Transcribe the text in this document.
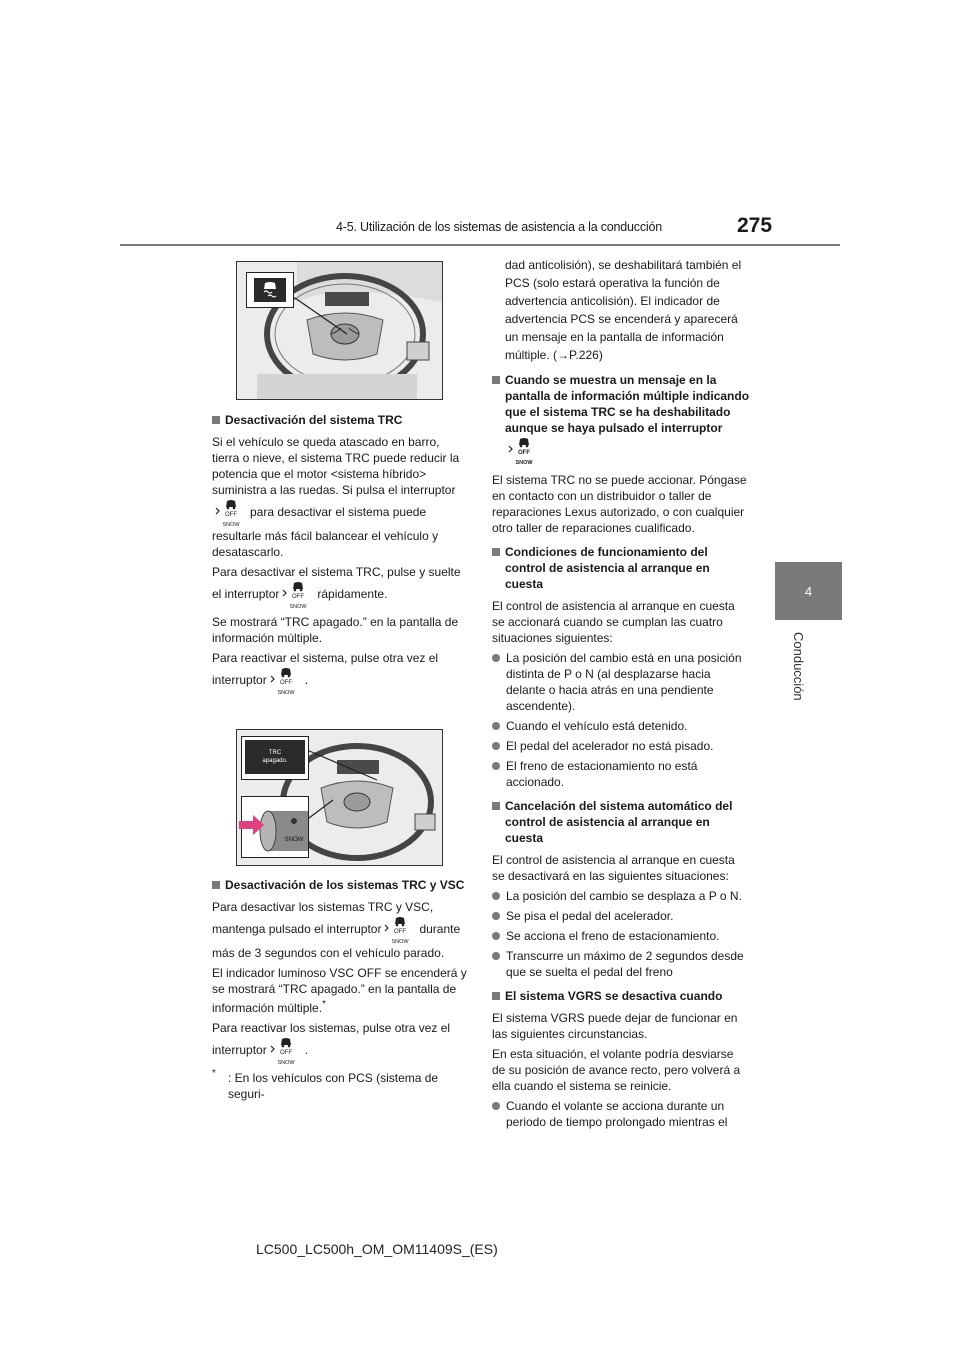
4-5. Utilización de los sistemas de asistencia a la conducción	275
4
Conducción
Desactivación del sistema TRC

Si el vehículo se queda atascado en barro, tierra o nieve, el sistema TRC puede reducir la potencia que el motor <sistema híbrido> suministra a las ruedas. Si pulsa el interruptorpara desactivar el sistema puede resultarle más fácil balancear el vehículo y desatascarlo.

Para desactivar el sistema TRC, pulse y suelte el interruptor	rápidamente.

Se mostrará “TRC apagado.” en la pantalla de información múltiple.

Para reactivar el sistema, pulse otra vez el interruptor	.

TRC
apagado.
SNOW
Desactivación de los sistemas TRC y VSC

Para desactivar los sistemas TRC y VSC, mantenga pulsado el interruptor	durante más de 3 segundos con el vehículo parado.

El indicador luminoso VSC OFF se encenderá y se mostrará “TRC apagado.” en la pantalla de información múltiple.*

Para reactivar los sistemas, pulse otra vez el interruptor	.

* : En los vehículos con PCS (sistema de seguri-

dad anticolisión), se deshabilitará también el PCS (solo estará operativa la función de advertencia anticolisión). El indicador de advertencia PCS se encenderá y aparecerá un mensaje en la pantalla de información múltiple. (→P.226)

Cuando se muestra un mensaje en la pantalla de información múltiple indicando que el sistema TRC se ha deshabilitado aunque se haya pulsado el interruptor

El sistema TRC no se puede accionar. Póngase en contacto con un distribuidor o taller de reparaciones Lexus autorizado, o con cualquier otro taller de reparaciones cualificado.

Condiciones de funcionamiento del control de asistencia al arranque en cuesta

El control de asistencia al arranque en cuesta se accionará cuando se cumplan las cuatro situaciones siguientes:

La posición del cambio está en una posición distinta de P o N (al desplazarse hacia delante o hacia atrás en una pendiente ascendente).

Cuando el vehículo está detenido.

El pedal del acelerador no está pisado.

El freno de estacionamiento no está accionado.

Cancelación del sistema automático del control de asistencia al arranque en cuesta

El control de asistencia al arranque en cuesta se desactivará en las siguientes situaciones:

La posición del cambio se desplaza a P o N.

Se pisa el pedal del acelerador.

Se acciona el freno de estacionamiento.

Transcurre un máximo de 2 segundos desde que se suelta el pedal del freno

El sistema VGRS se desactiva cuando

El sistema VGRS puede dejar de funcionar en las siguientes circunstancias.

En esta situación, el volante podría desviarse de su posición de avance recto, pero volverá a ella cuando el sistema se reinicie.

Cuando el volante se acciona durante un periodo de tiempo prolongado mientras el

LC500_LC500h_OM_OM11409S_(ES)
